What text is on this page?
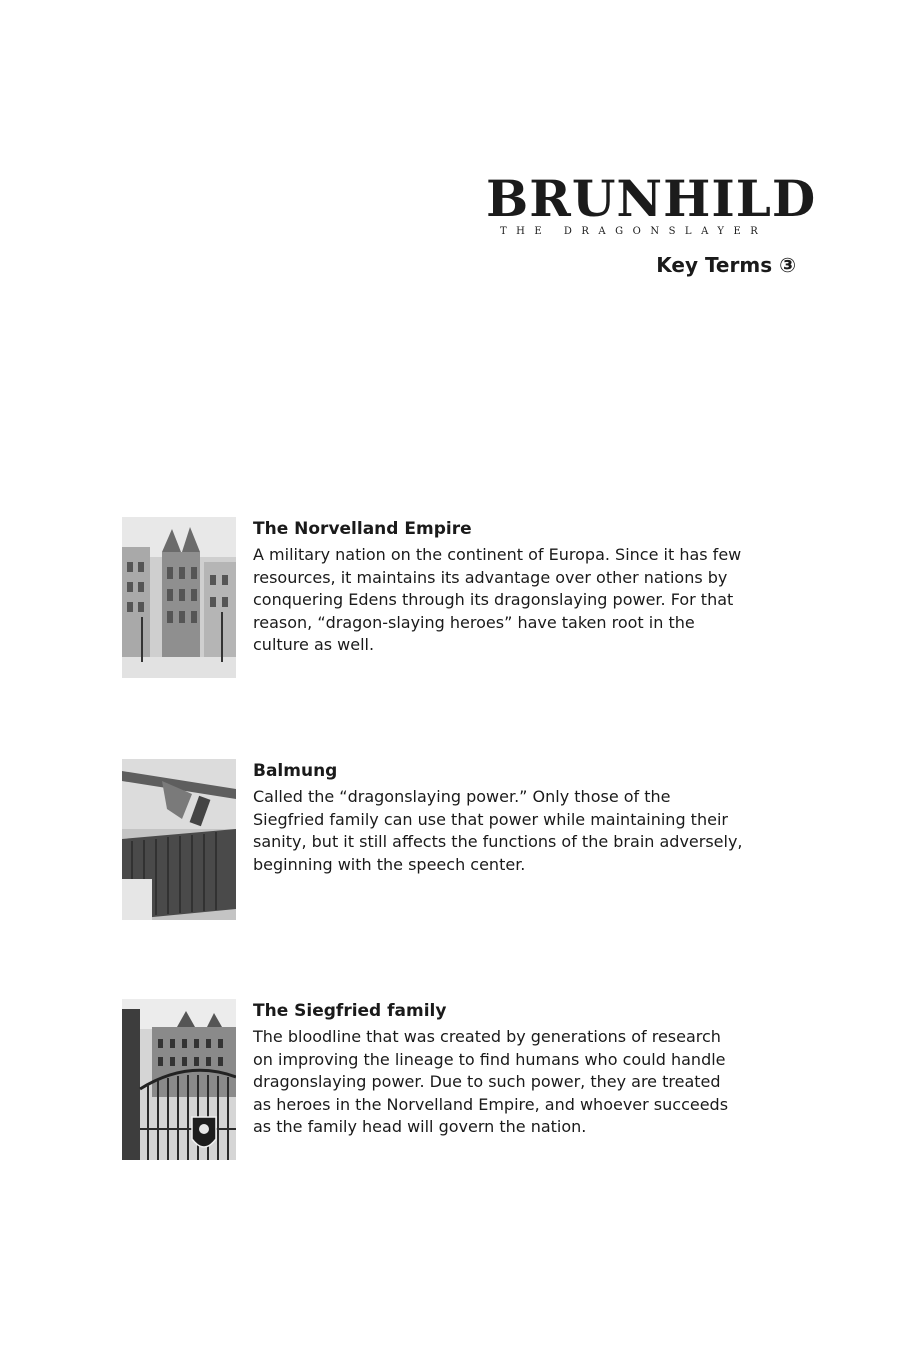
BRUNHILD
THE DRAGONSLAYER
Key Terms ③
The Norvelland Empire

A military nation on the continent of Europa. Since it has few resources, it maintains its advantage over other nations by conquering Edens through its dragonslaying power. For that reason, “dragon-slaying heroes” have taken root in the culture as well.

Balmung

Called the “dragonslaying power.” Only those of the Siegfried family can use that power while maintaining their sanity, but it still affects the functions of the brain adversely, beginning with the speech center.

The Siegfried family

The bloodline that was created by generations of research on improving the lineage to find humans who could handle dragonslaying power. Due to such power, they are treated as heroes in the Norvelland Empire, and whoever succeeds as the family head will govern the nation.
